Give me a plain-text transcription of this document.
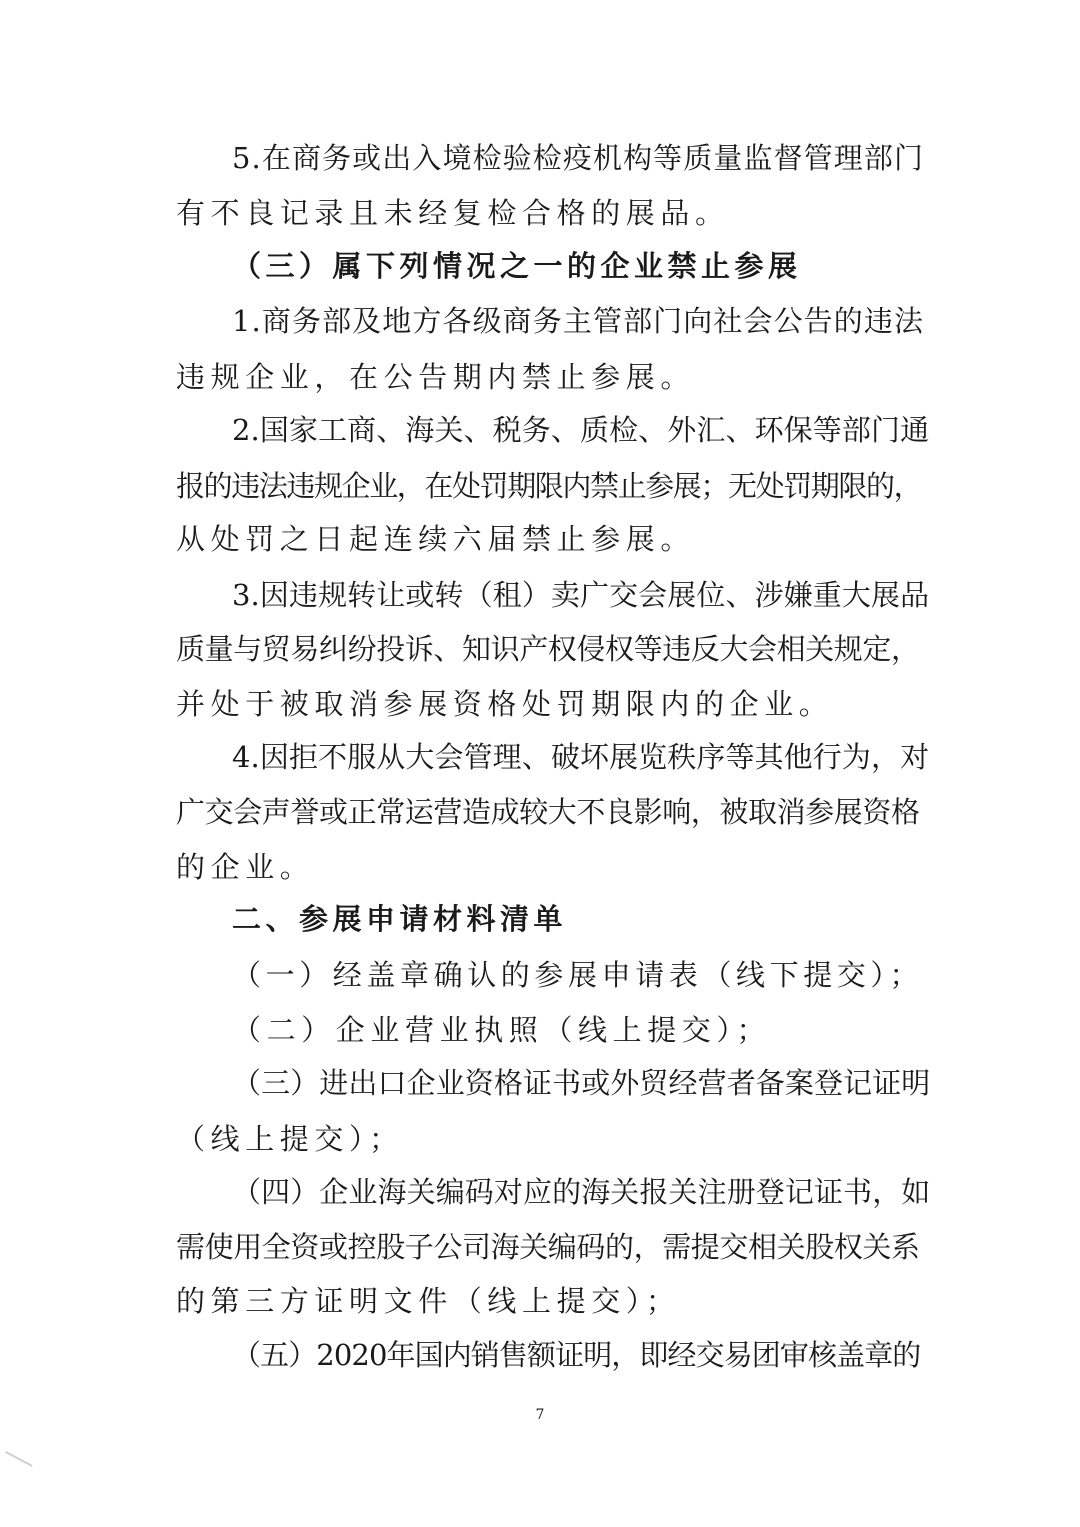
5.在商务或出入境检验检疫机构等质量监督管理部门
有不良记录且未经复检合格的展品。
（三）属下列情况之一的企业禁止参展
1.商务部及地方各级商务主管部门向社会公告的违法
违规企业，在公告期内禁止参展。
2.国家工商、海关、税务、质检、外汇、环保等部门通
报的违法违规企业，在处罚期限内禁止参展；无处罚期限的，
从处罚之日起连续六届禁止参展。
3.因违规转让或转（租）卖广交会展位、涉嫌重大展品
质量与贸易纠纷投诉、知识产权侵权等违反大会相关规定，
并处于被取消参展资格处罚期限内的企业。
4.因拒不服从大会管理、破坏展览秩序等其他行为，对
广交会声誉或正常运营造成较大不良影响，被取消参展资格
的企业。
二、参展申请材料清单
（一）经盖章确认的参展申请表（线下提交）；
（二）企业营业执照（线上提交）；
（三）进出口企业资格证书或外贸经营者备案登记证明
（线上提交）；
（四）企业海关编码对应的海关报关注册登记证书，如
需使用全资或控股子公司海关编码的，需提交相关股权关系
的第三方证明文件（线上提交）；
（五）2020年国内销售额证明，即经交易团审核盖章的
7
